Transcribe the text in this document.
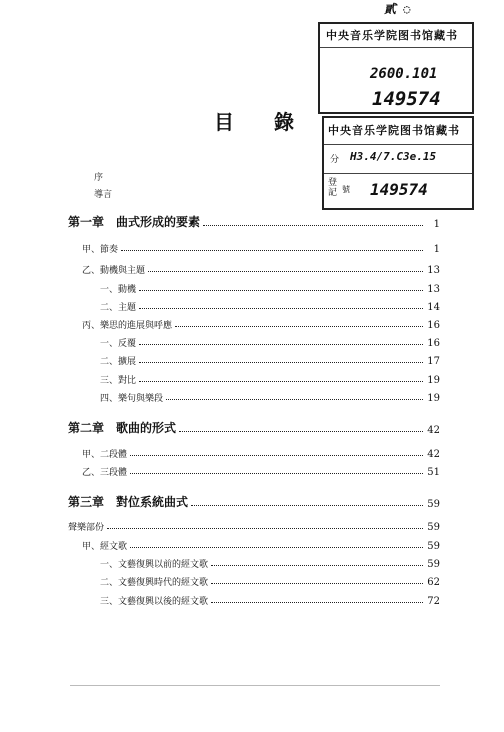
貳 ◌
中央音乐学院图书馆藏书
2600.101
149574
中央音乐学院图书馆藏书
分 H3.4/7.C3e.15
登記 號 149574
目錄
序
導言
第一章　曲式形成的要素	1
甲、節奏	1
乙、動機與主題	13
一、動機	13
二、主題	14
丙、樂思的進展與呼應	16
一、反覆	16
二、擴展	17
三、對比	19
四、樂句與樂段	19
第二章　歌曲的形式	42
甲、二段體	42
乙、三段體	51
第三章　對位系統曲式	59
聲樂部份	59
甲、經文歌	59
一、文藝復興以前的經文歌	59
二、文藝復興時代的經文歌	62
三、文藝復興以後的經文歌	72
